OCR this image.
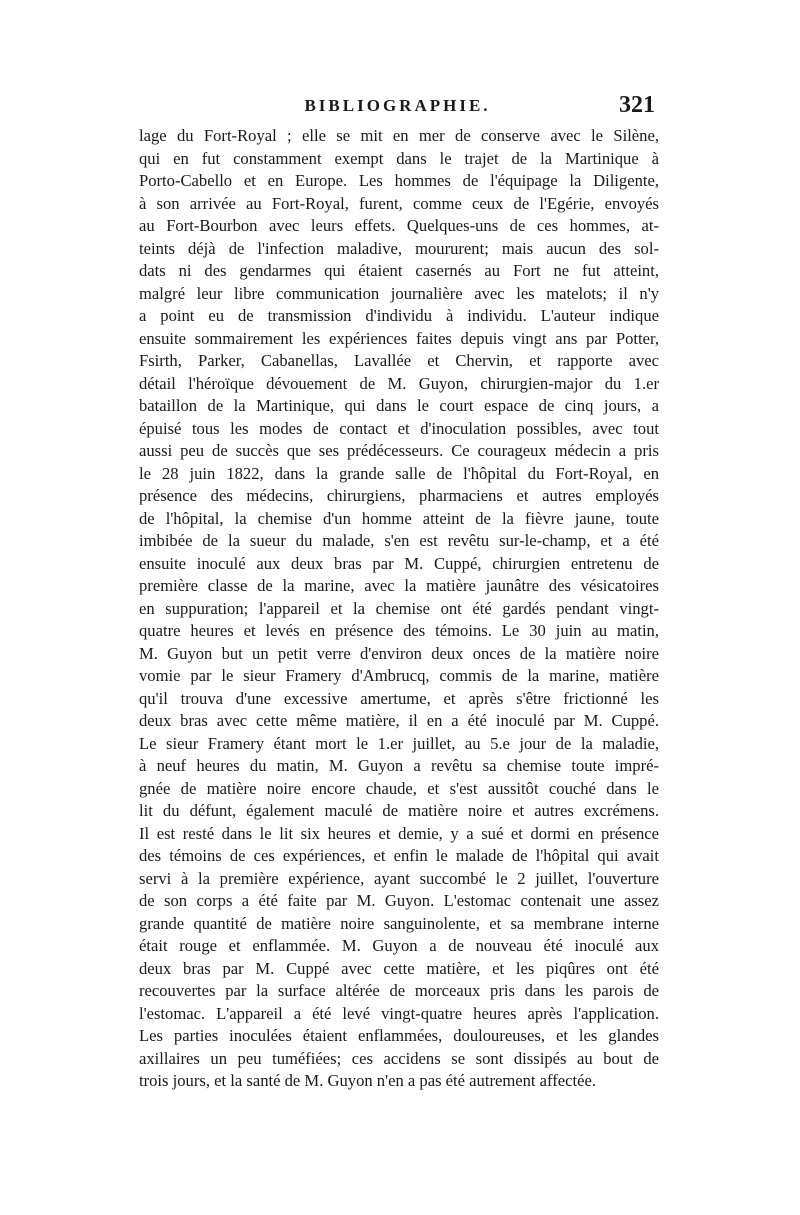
BIBLIOGRAPHIE.	321
lage du Fort-Royal ; elle se mit en mer de conserve avec le Silène,
qui en fut constamment exempt dans le trajet de la Martinique à
Porto-Cabello et en Europe. Les hommes de l'équipage la Diligente,
à son arrivée au Fort-Royal, furent, comme ceux de l'Egérie, envoyés
au Fort-Bourbon avec leurs effets. Quelques-uns de ces hommes, at-
teints déjà de l'infection maladive, moururent; mais aucun des sol-
dats ni des gendarmes qui étaient casernés au Fort ne fut atteint,
malgré leur libre communication journalière avec les matelots; il n'y
a point eu de transmission d'individu à individu. L'auteur indique
ensuite sommairement les expériences faites depuis vingt ans par Potter,
Fsirth, Parker, Cabanellas, Lavallée et Chervin, et rapporte avec
détail l'héroïque dévouement de M. Guyon, chirurgien-major du 1.er
bataillon de la Martinique, qui dans le court espace de cinq jours, a
épuisé tous les modes de contact et d'inoculation possibles, avec tout
aussi peu de succès que ses prédécesseurs. Ce courageux médecin a pris
le 28 juin 1822, dans la grande salle de l'hôpital du Fort-Royal, en
présence des médecins, chirurgiens, pharmaciens et autres employés
de l'hôpital, la chemise d'un homme atteint de la fièvre jaune, toute
imbibée de la sueur du malade, s'en est revêtu sur-le-champ, et a été
ensuite inoculé aux deux bras par M. Cuppé, chirurgien entretenu de
première classe de la marine, avec la matière jaunâtre des vésicatoires
en suppuration; l'appareil et la chemise ont été gardés pendant vingt-
quatre heures et levés en présence des témoins. Le 30 juin au matin,
M. Guyon but un petit verre d'environ deux onces de la matière noire
vomie par le sieur Framery d'Ambrucq, commis de la marine, matière
qu'il trouva d'une excessive amertume, et après s'être frictionné les
deux bras avec cette même matière, il en a été inoculé par M. Cuppé.
Le sieur Framery étant mort le 1.er juillet, au 5.e jour de la maladie,
à neuf heures du matin, M. Guyon a revêtu sa chemise toute impré-
gnée de matière noire encore chaude, et s'est aussitôt couché dans le
lit du défunt, également maculé de matière noire et autres excrémens.
Il est resté dans le lit six heures et demie, y a sué et dormi en présence
des témoins de ces expériences, et enfin le malade de l'hôpital qui avait
servi à la première expérience, ayant succombé le 2 juillet, l'ouverture
de son corps a été faite par M. Guyon. L'estomac contenait une assez
grande quantité de matière noire sanguinolente, et sa membrane interne
était rouge et enflammée. M. Guyon a de nouveau été inoculé aux
deux bras par M. Cuppé avec cette matière, et les piqûres ont été
recouvertes par la surface altérée de morceaux pris dans les parois de
l'estomac. L'appareil a été levé vingt-quatre heures après l'application.
Les parties inoculées étaient enflammées, douloureuses, et les glandes
axillaires un peu tuméfiées; ces accidens se sont dissipés au bout de
trois jours, et la santé de M. Guyon n'en a pas été autrement affectée.
